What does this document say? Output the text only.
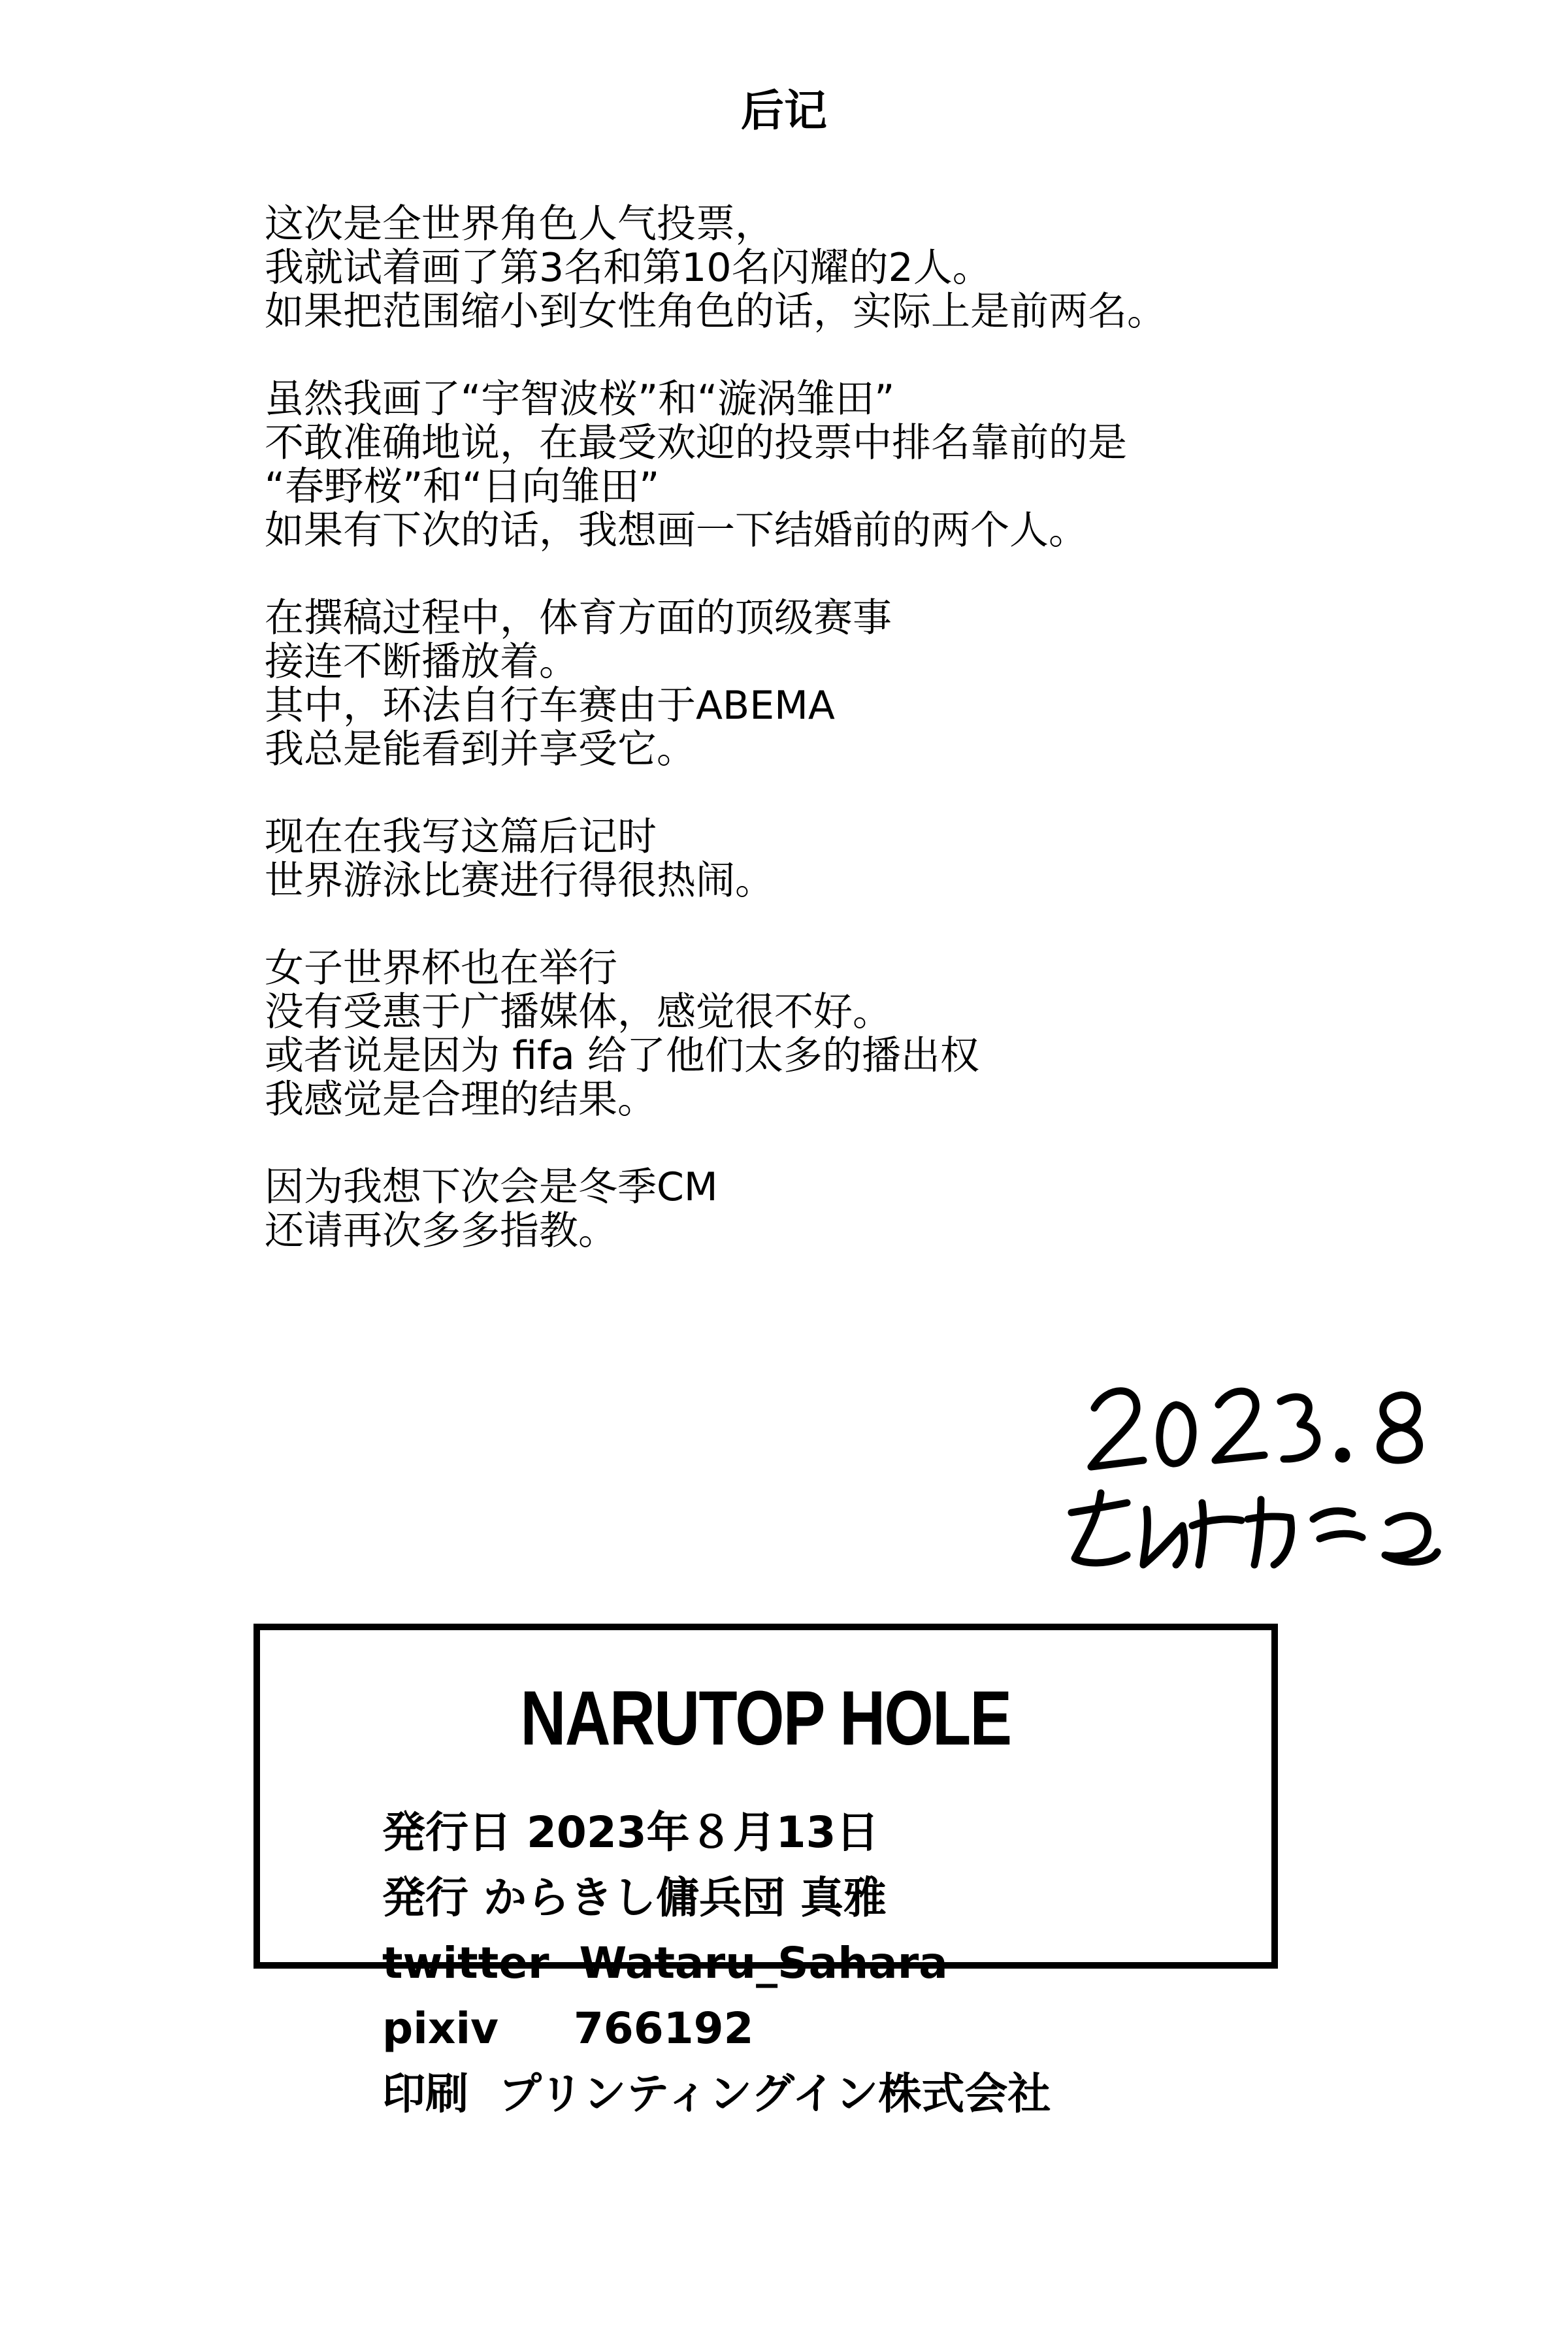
后记
这次是全世界角色人气投票，
我就试着画了第3名和第10名闪耀的2人。
如果把范围缩小到女性角色的话，实际上是前两名。
虽然我画了“宇智波桜”和“漩涡雏田”
不敢准确地说，在最受欢迎的投票中排名靠前的是
“春野桜”和“日向雏田”
如果有下次的话，我想画一下结婚前的两个人。
在撰稿过程中，体育方面的顶级赛事
接连不断播放着。
其中，环法自行车赛由于ABEMA
我总是能看到并享受它。
现在在我写这篇后记时
世界游泳比赛进行得很热闹。
女子世界杯也在举行
没有受惠于广播媒体，感觉很不好。
或者说是因为 fifa 给了他们太多的播出权
我感觉是合理的结果。
因为我想下次会是冬季CM
还请再次多多指教。
NARUTOP HOLE
発行日 2023年８月13日
発行 からきし傭兵団 真雅
twitter  Wataru_Sahara
pixiv     766192
印刷  プリンティングイン株式会社
